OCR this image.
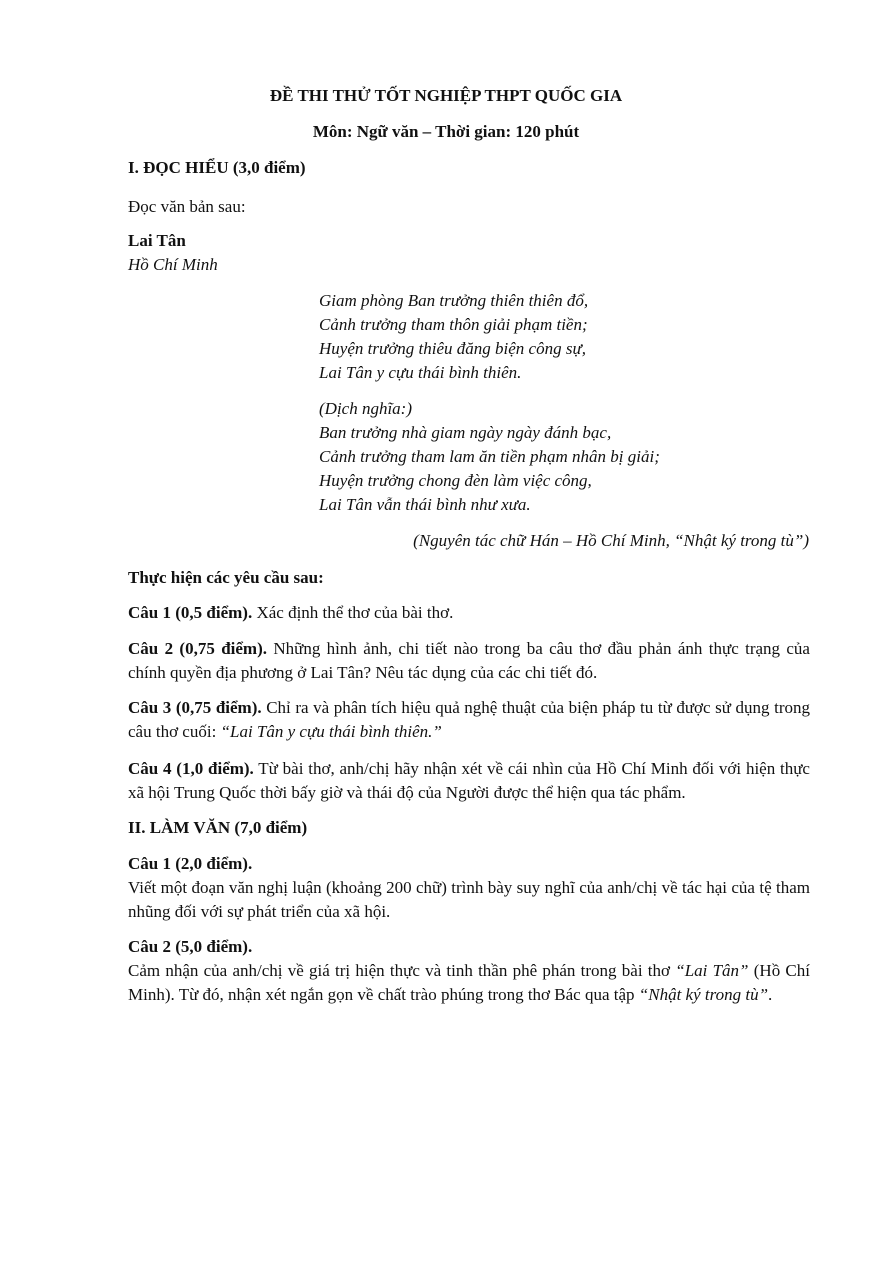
ĐỀ THI THỬ TỐT NGHIỆP THPT QUỐC GIA
Môn: Ngữ văn – Thời gian: 120 phút
I. ĐỌC HIỂU (3,0 điểm)
Đọc văn bản sau:
Lai Tân
Hồ Chí Minh
Giam phòng Ban trưởng thiên thiên đổ,
Cảnh trưởng tham thôn giải phạm tiền;
Huyện trưởng thiêu đăng biện công sự,
Lai Tân y cựu thái bình thiên.
(Dịch nghĩa:)
Ban trưởng nhà giam ngày ngày đánh bạc,
Cảnh trưởng tham lam ăn tiền phạm nhân bị giải;
Huyện trưởng chong đèn làm việc công,
Lai Tân vẫn thái bình như xưa.
(Nguyên tác chữ Hán – Hồ Chí Minh, “Nhật ký trong tù”)
Thực hiện các yêu cầu sau:
Câu 1 (0,5 điểm). Xác định thể thơ của bài thơ.
Câu 2 (0,75 điểm). Những hình ảnh, chi tiết nào trong ba câu thơ đầu phản ánh thực trạng của chính quyền địa phương ở Lai Tân? Nêu tác dụng của các chi tiết đó.
Câu 3 (0,75 điểm). Chỉ ra và phân tích hiệu quả nghệ thuật của biện pháp tu từ được sử dụng trong câu thơ cuối: “Lai Tân y cựu thái bình thiên.”
Câu 4 (1,0 điểm). Từ bài thơ, anh/chị hãy nhận xét về cái nhìn của Hồ Chí Minh đối với hiện thực xã hội Trung Quốc thời bấy giờ và thái độ của Người được thể hiện qua tác phẩm.
II. LÀM VĂN (7,0 điểm)
Câu 1 (2,0 điểm).
Viết một đoạn văn nghị luận (khoảng 200 chữ) trình bày suy nghĩ của anh/chị về tác hại của tệ tham nhũng đối với sự phát triển của xã hội.
Câu 2 (5,0 điểm).
Cảm nhận của anh/chị về giá trị hiện thực và tinh thần phê phán trong bài thơ “Lai Tân” (Hồ Chí Minh). Từ đó, nhận xét ngắn gọn về chất trào phúng trong thơ Bác qua tập “Nhật ký trong tù”.
